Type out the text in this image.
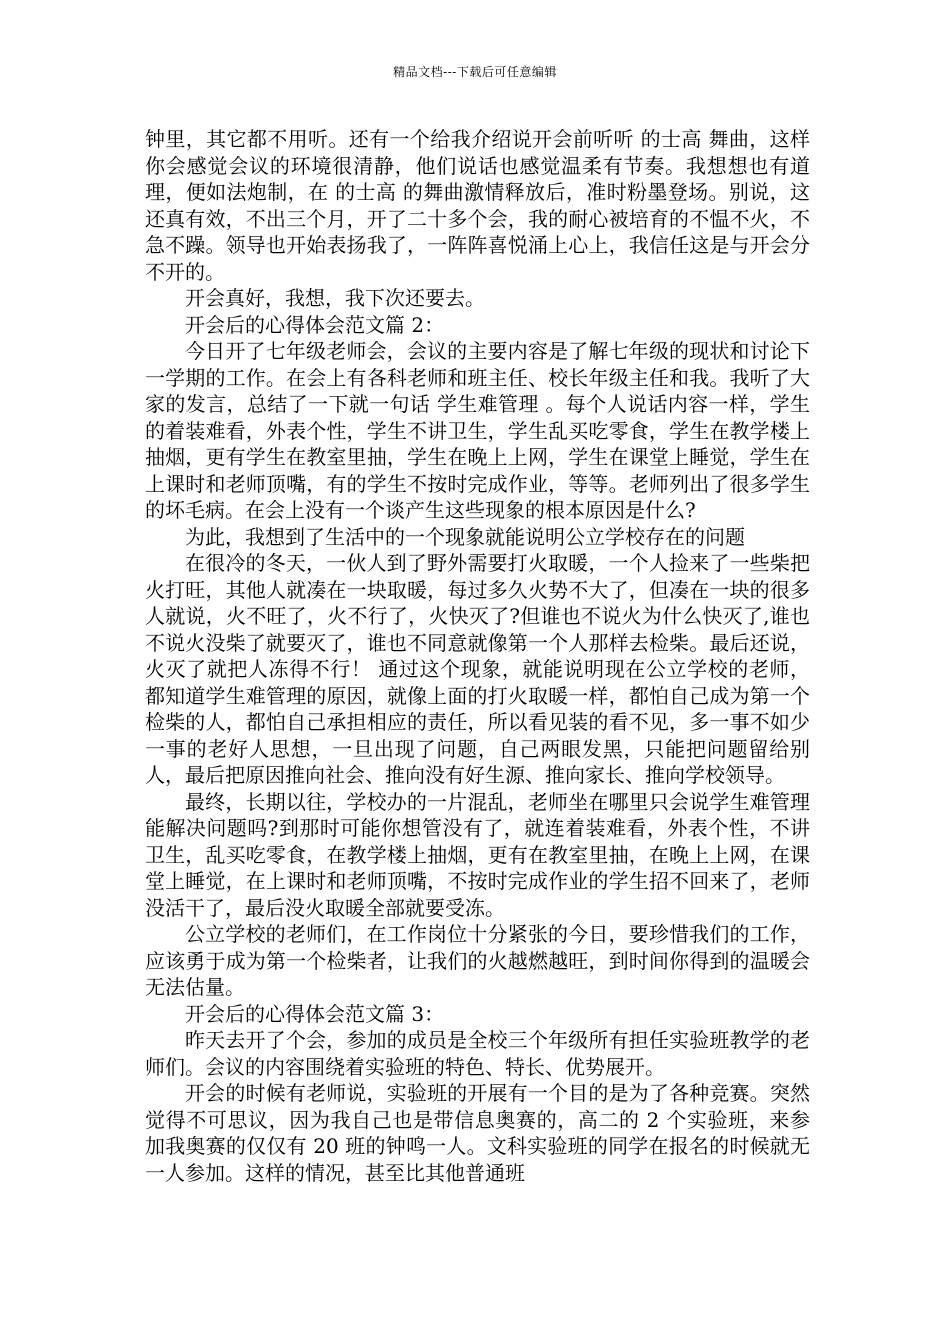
精品文档---下载后可任意编辑

钟里，其它都不用听。还有一个给我介绍说开会前听听 的士高 舞曲，这样你会感觉会议的环境很清静，他们说话也感觉温柔有节奏。我想想也有道理，便如法炮制，在 的士高 的舞曲激情释放后，准时粉墨登场。别说，这还真有效，不出三个月，开了二十多个会，我的耐心被培育的不愠不火，不急不躁。领导也开始表扬我了，一阵阵喜悦涌上心上，我信任这是与开会分不开的。

开会真好，我想，我下次还要去。

开会后的心得体会范文篇 2：

今日开了七年级老师会，会议的主要内容是了解七年级的现状和讨论下一学期的工作。在会上有各科老师和班主任、校长年级主任和我。我听了大家的发言，总结了一下就一句话 学生难管理 。每个人说话内容一样，学生的着装难看，外表个性，学生不讲卫生，学生乱买吃零食，学生在教学楼上抽烟，更有学生在教室里抽，学生在晚上上网，学生在课堂上睡觉，学生在上课时和老师顶嘴，有的学生不按时完成作业，等等。老师列出了很多学生的坏毛病。在会上没有一个谈产生这些现象的根本原因是什么?

为此，我想到了生活中的一个现象就能说明公立学校存在的问题

在很冷的冬天，一伙人到了野外需要打火取暖，一个人捡来了一些柴把火打旺，其他人就凑在一块取暖，每过多久火势不大了，但凑在一块的很多人就说，火不旺了，火不行了，火快灭了?但谁也不说火为什么快灭了,谁也不说火没柴了就要灭了，谁也不同意就像第一个人那样去检柴。最后还说，火灭了就把人冻得不行！ 通过这个现象，就能说明现在公立学校的老师，都知道学生难管理的原因，就像上面的打火取暖一样，都怕自己成为第一个检柴的人，都怕自己承担相应的责任，所以看见装的看不见，多一事不如少一事的老好人思想，一旦出现了问题，自己两眼发黑，只能把问题留给别人，最后把原因推向社会、推向没有好生源、推向家长、推向学校领导。

最终，长期以往，学校办的一片混乱，老师坐在哪里只会说学生难管理能解决问题吗?到那时可能你想管没有了，就连着装难看，外表个性，不讲卫生，乱买吃零食，在教学楼上抽烟，更有在教室里抽，在晚上上网，在课堂上睡觉，在上课时和老师顶嘴，不按时完成作业的学生招不回来了，老师没活干了，最后没火取暖全部就要受冻。

公立学校的老师们，在工作岗位十分紧张的今日，要珍惜我们的工作，应该勇于成为第一个检柴者，让我们的火越燃越旺，到时间你得到的温暖会无法估量。

开会后的心得体会范文篇 3：

昨天去开了个会，参加的成员是全校三个年级所有担任实验班教学的老师们。会议的内容围绕着实验班的特色、特长、优势展开。

开会的时候有老师说，实验班的开展有一个目的是为了各种竞赛。突然觉得不可思议，因为我自己也是带信息奥赛的，高二的 2 个实验班，来参加我奥赛的仅仅有 20 班的钟鸣一人。文科实验班的同学在报名的时候就无一人参加。这样的情况，甚至比其他普通班
